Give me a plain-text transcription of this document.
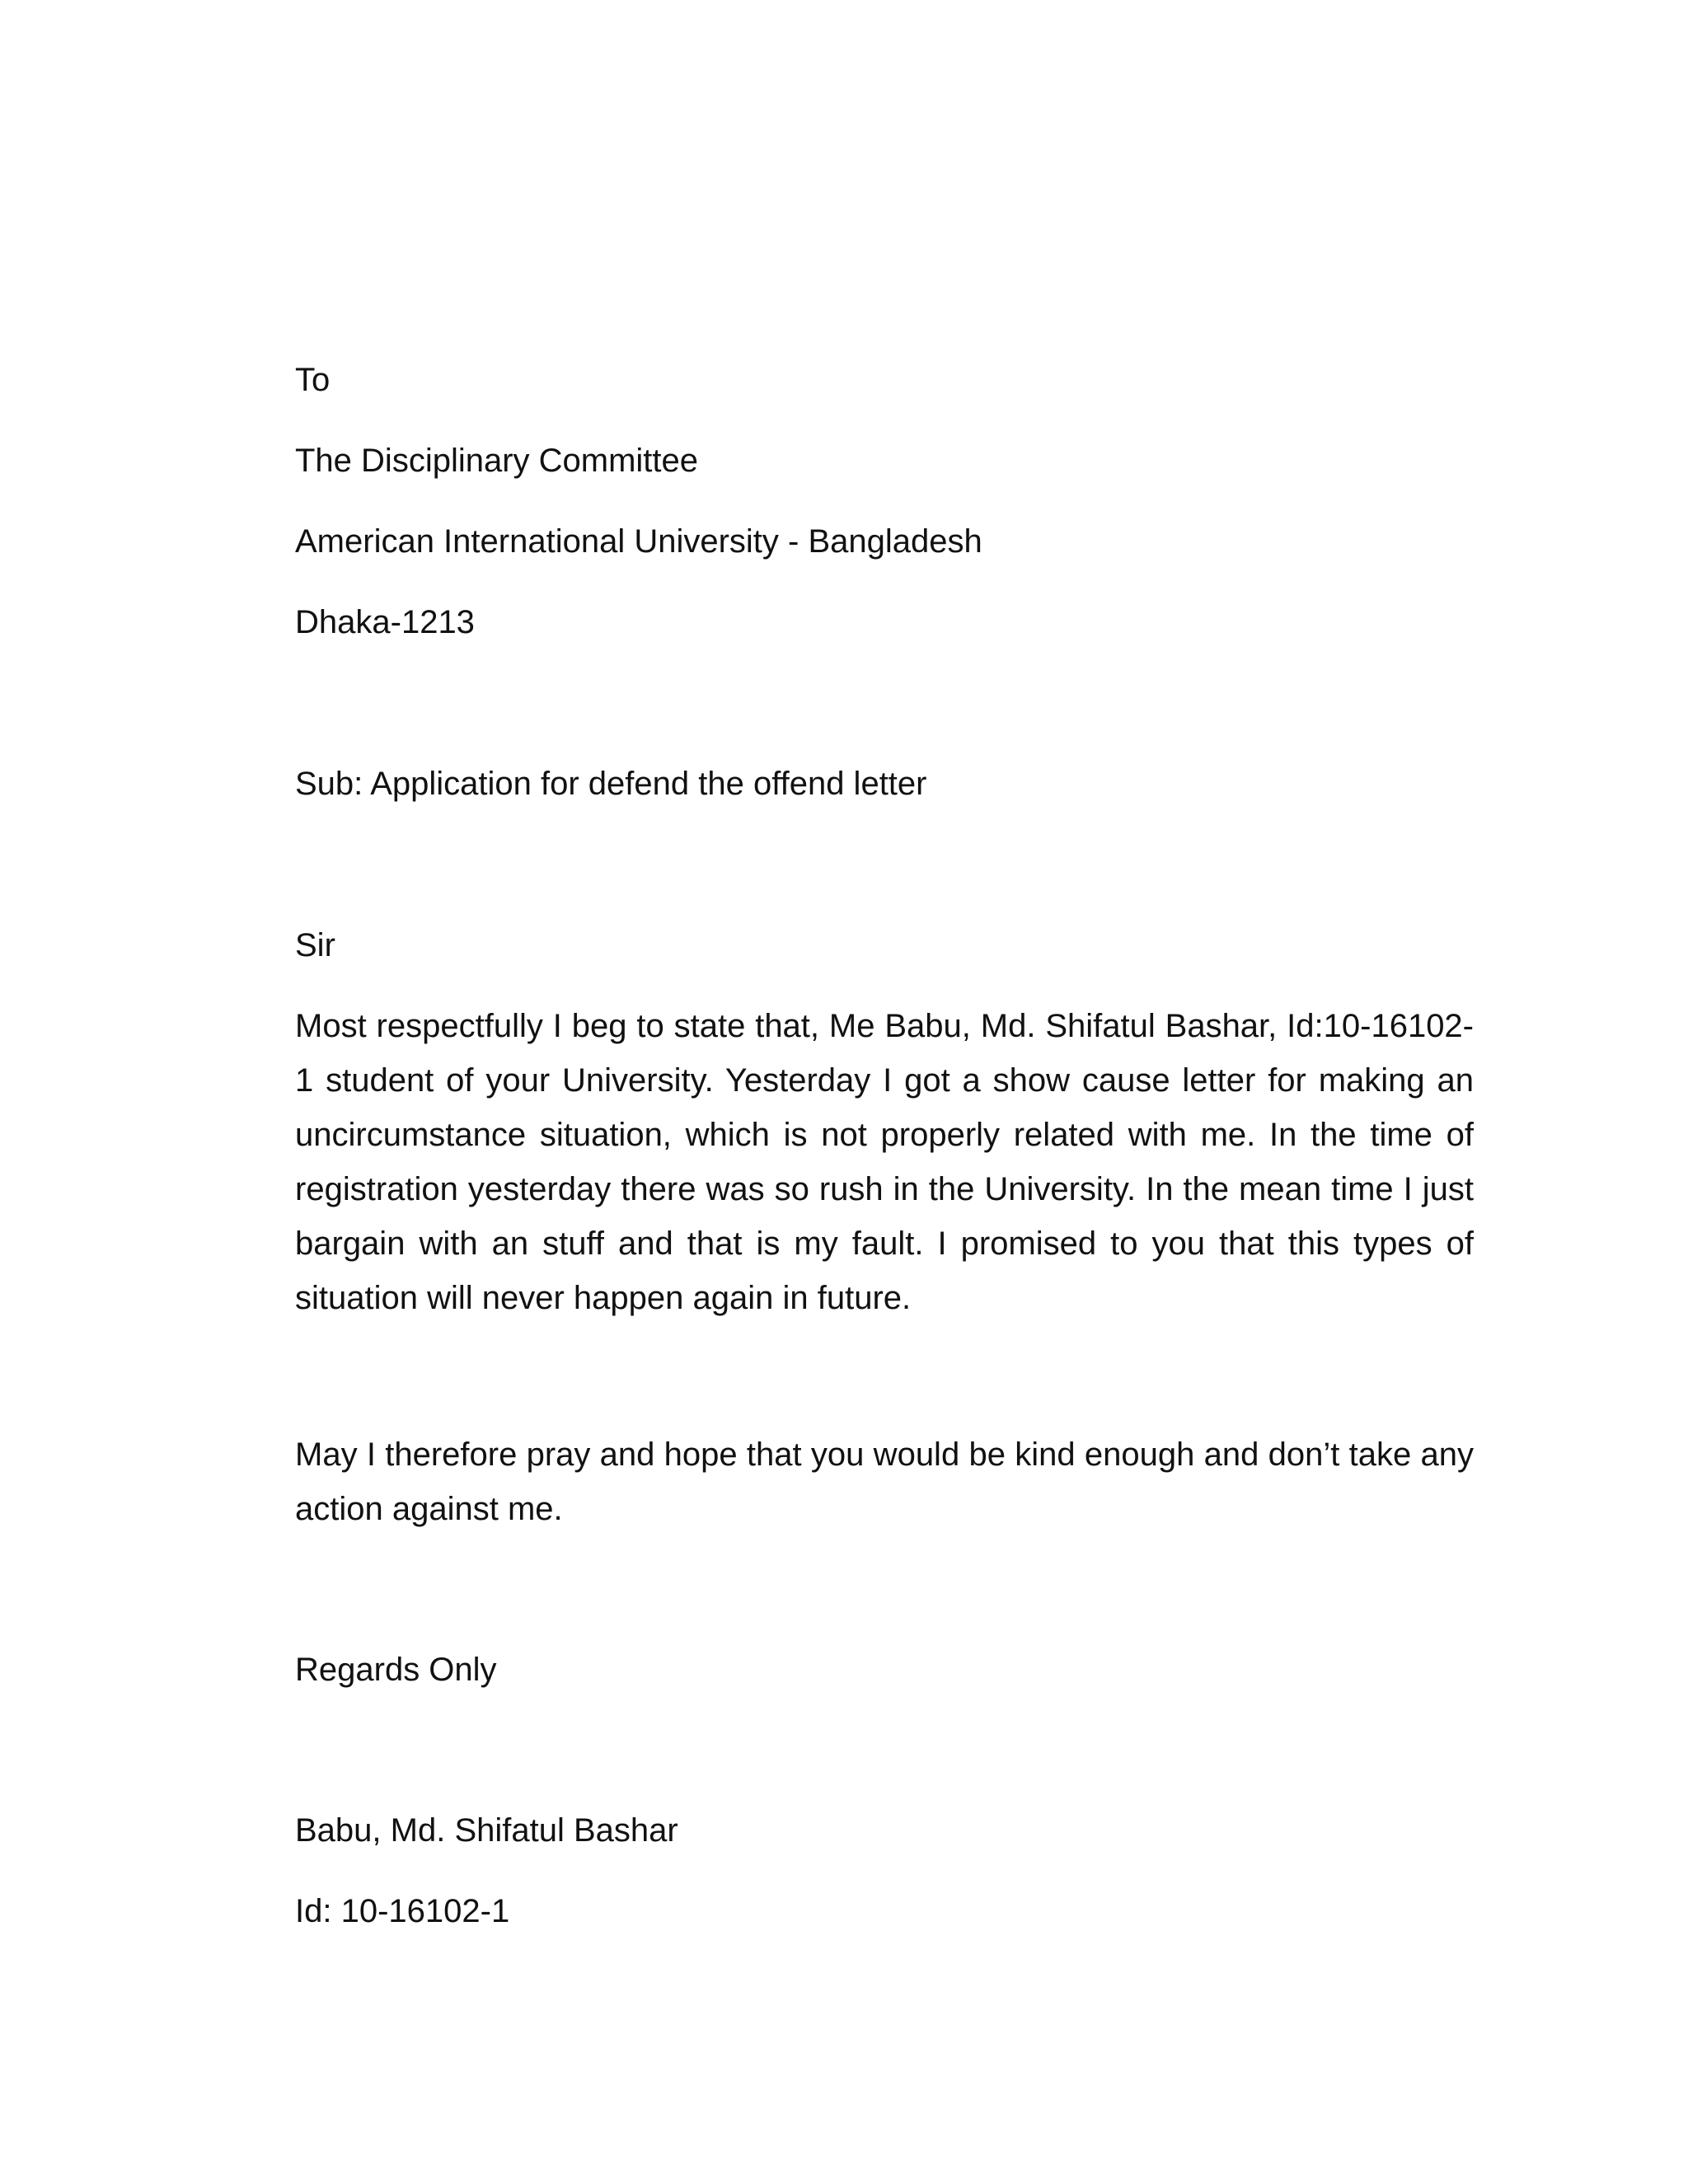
To

The Disciplinary Committee

American International University - Bangladesh

Dhaka-1213

Sub: Application for defend the offend letter

Sir

Most respectfully I beg to state that, Me Babu, Md. Shifatul Bashar, Id:10-16102-1 student of your University. Yesterday I got a show cause letter for making an uncircumstance situation, which is not properly related with me. In the time of registration yesterday there was so rush in the University. In the mean time I just bargain with an stuff and that is my fault. I promised to you that this types of situation will never happen again in future.

May I therefore pray and hope that you would be kind enough and don’t take any action against me.

Regards Only

Babu, Md. Shifatul Bashar

Id: 10-16102-1
